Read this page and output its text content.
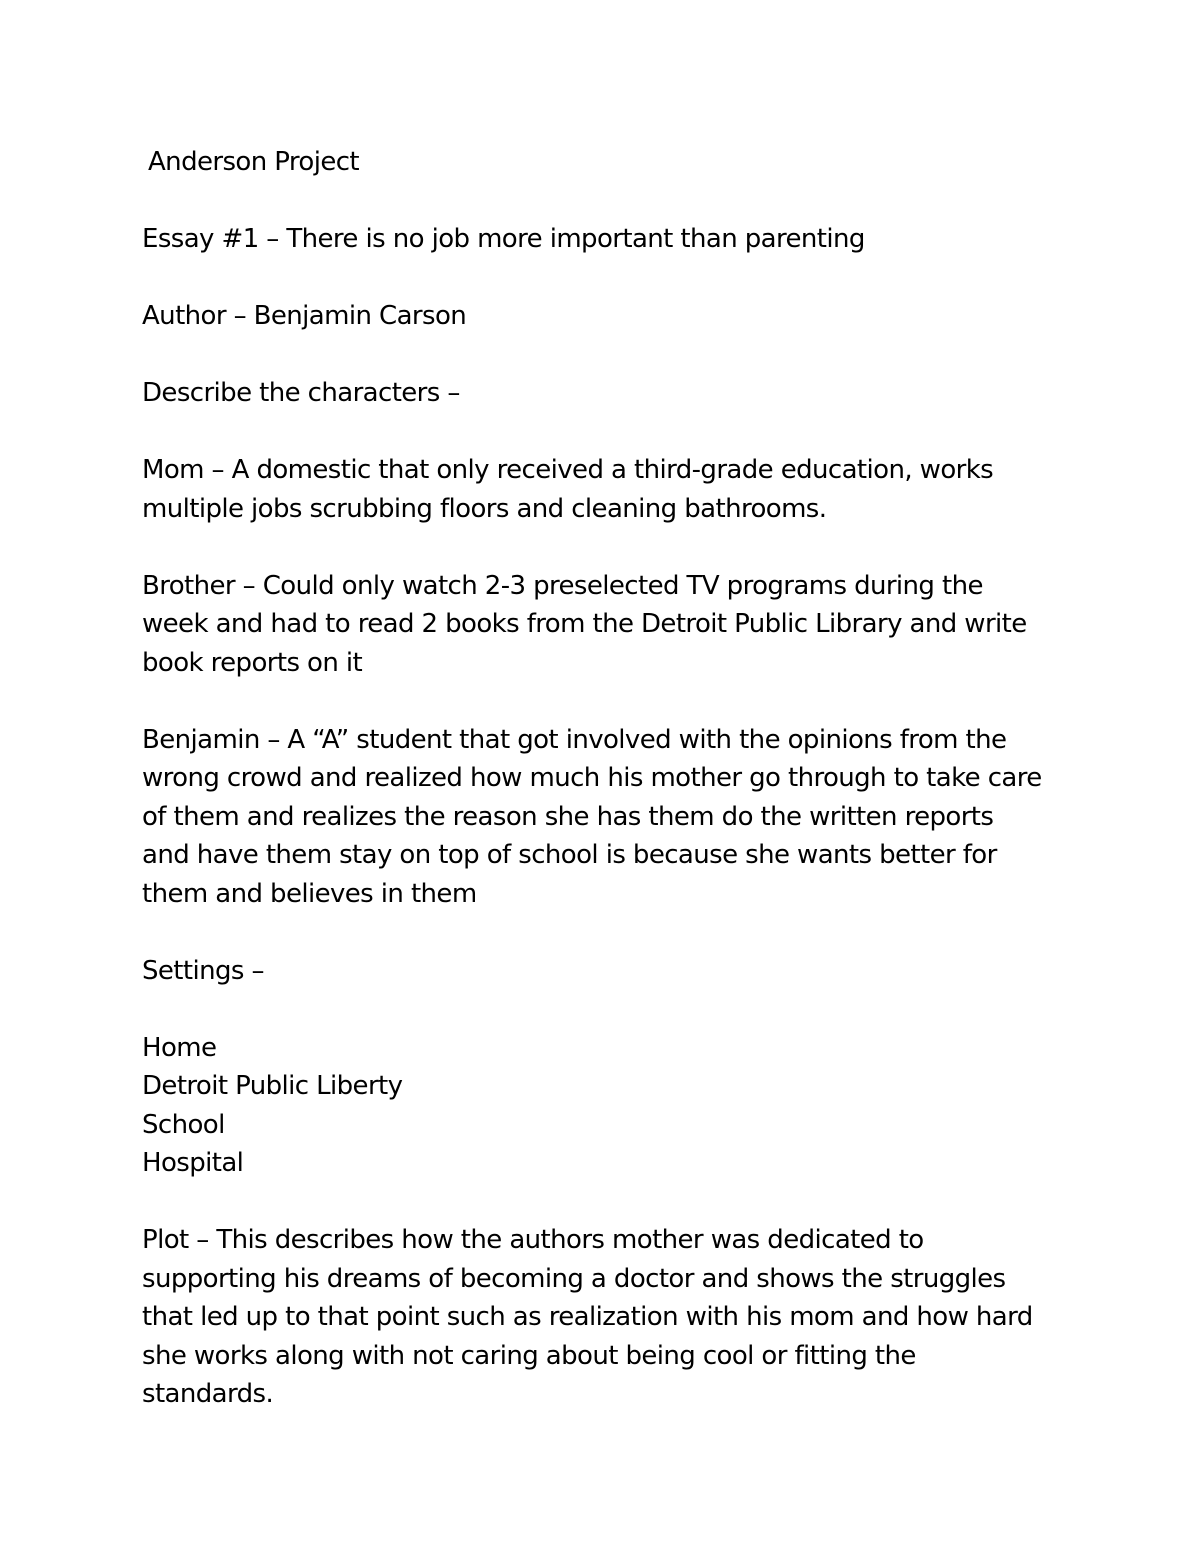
Anderson Project

Essay #1 – There is no job more important than parenting

Author – Benjamin Carson

Describe the characters –

Mom – A domestic that only received a third-grade education, works
multiple jobs scrubbing floors and cleaning bathrooms.

Brother – Could only watch 2-3 preselected TV programs during the
week and had to read 2 books from the Detroit Public Library and write
book reports on it

Benjamin – A “A” student that got involved with the opinions from the
wrong crowd and realized how much his mother go through to take care
of them and realizes the reason she has them do the written reports
and have them stay on top of school is because she wants better for
them and believes in them

Settings –

Home
Detroit Public Liberty
School
Hospital

Plot – This describes how the authors mother was dedicated to
supporting his dreams of becoming a doctor and shows the struggles
that led up to that point such as realization with his mom and how hard
she works along with not caring about being cool or fitting the
standards.
